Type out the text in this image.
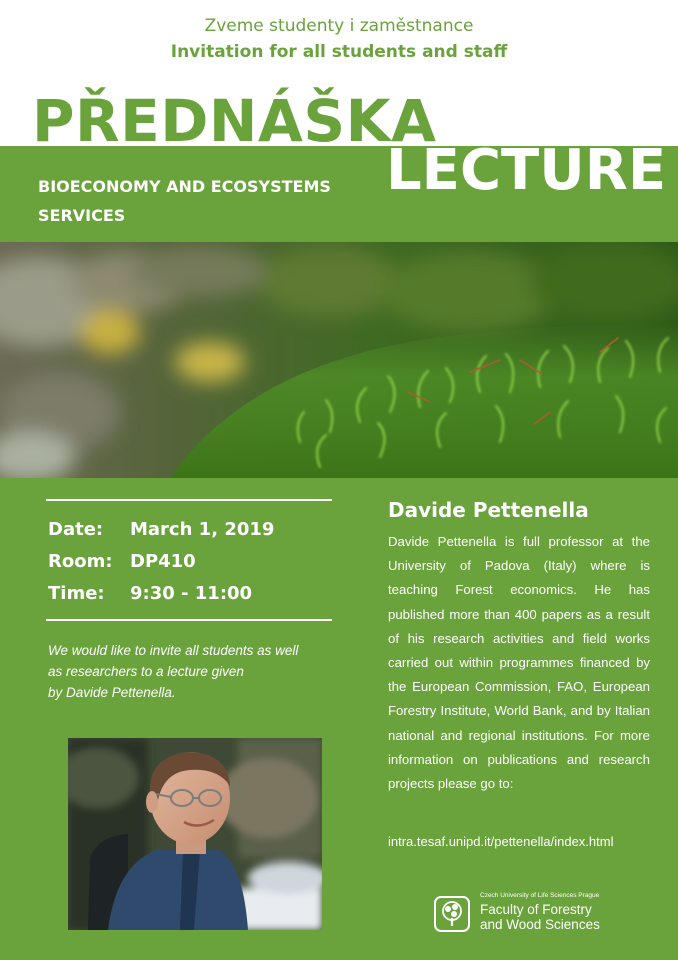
Zveme studenty i zaměstnance
Invitation for all students and staff
PŘEDNÁŠKA
LECTURE
BIOECONOMY AND ECOSYSTEMS
SERVICES
Date: March 1, 2019
Room: DP410
Time: 9:30 - 11:00
We would like to invite all students as well
as researchers to a lecture given
by Davide Pettenella.
Davide Pettenella
Davide Pettenella is full professor at the University of Padova (Italy) where is teaching Forest economics. He has published more than 400 papers as a result of his research activities and field works carried out within programmes financed by the European Commission, FAO, European Forestry Institute, World Bank, and by Italian national and regional institutions. For more information on publications and research projects please go to:
intra.tesaf.unipd.it/pettenella/index.html
Czech University of Life Sciences Prague
Faculty of Forestry
and Wood Sciences
